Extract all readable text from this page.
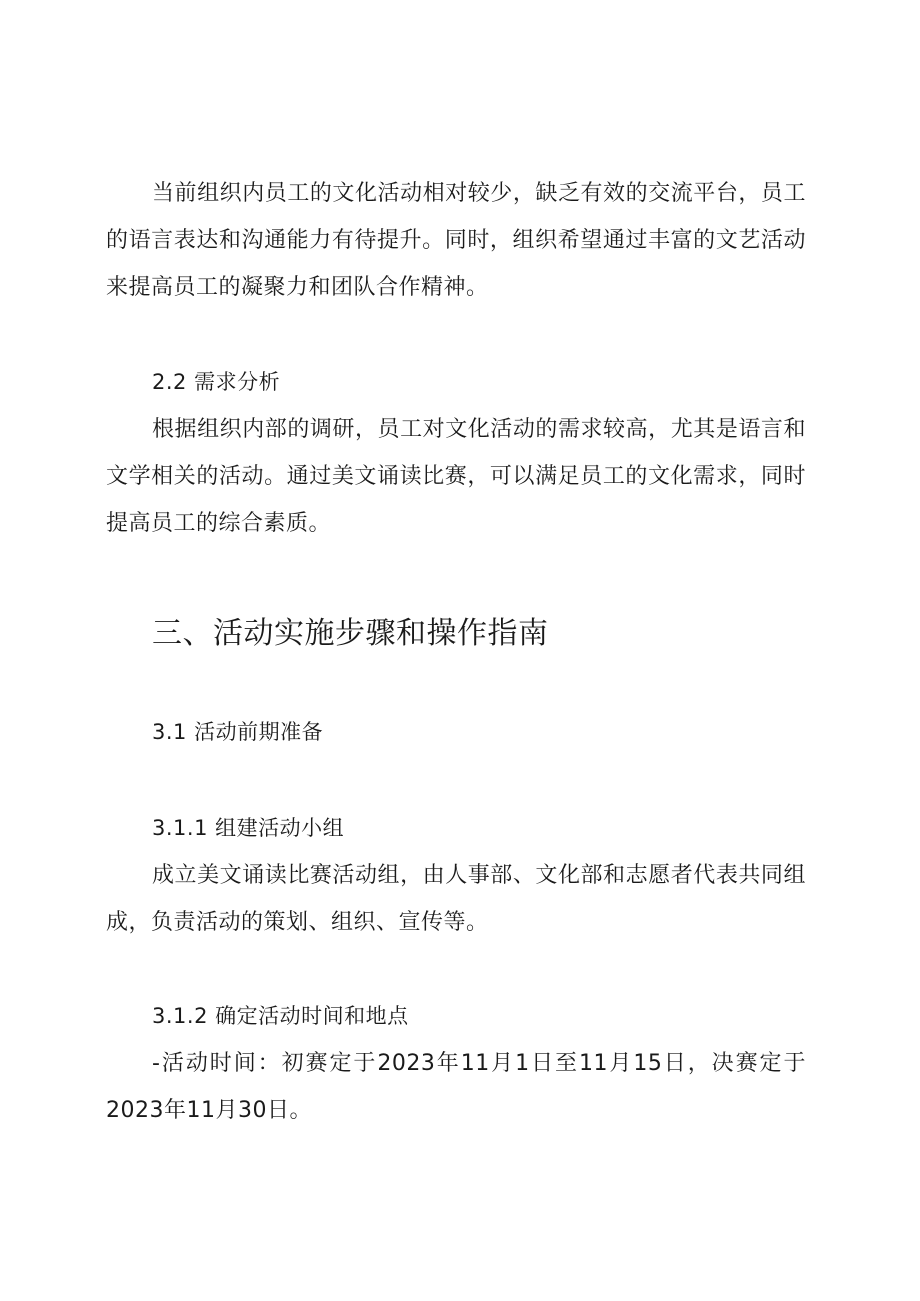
当前组织内员工的文化活动相对较少，缺乏有效的交流平台，员工的语言表达和沟通能力有待提升。同时，组织希望通过丰富的文艺活动来提高员工的凝聚力和团队合作精神。

2.2 需求分析

根据组织内部的调研，员工对文化活动的需求较高，尤其是语言和文学相关的活动。通过美文诵读比赛，可以满足员工的文化需求，同时提高员工的综合素质。

三、活动实施步骤和操作指南

3.1 活动前期准备

3.1.1 组建活动小组

成立美文诵读比赛活动组，由人事部、文化部和志愿者代表共同组成，负责活动的策划、组织、宣传等。

3.1.2 确定活动时间和地点

-活动时间：初赛定于2023年11月1日至11月15日，决赛定于2023年11月30日。
